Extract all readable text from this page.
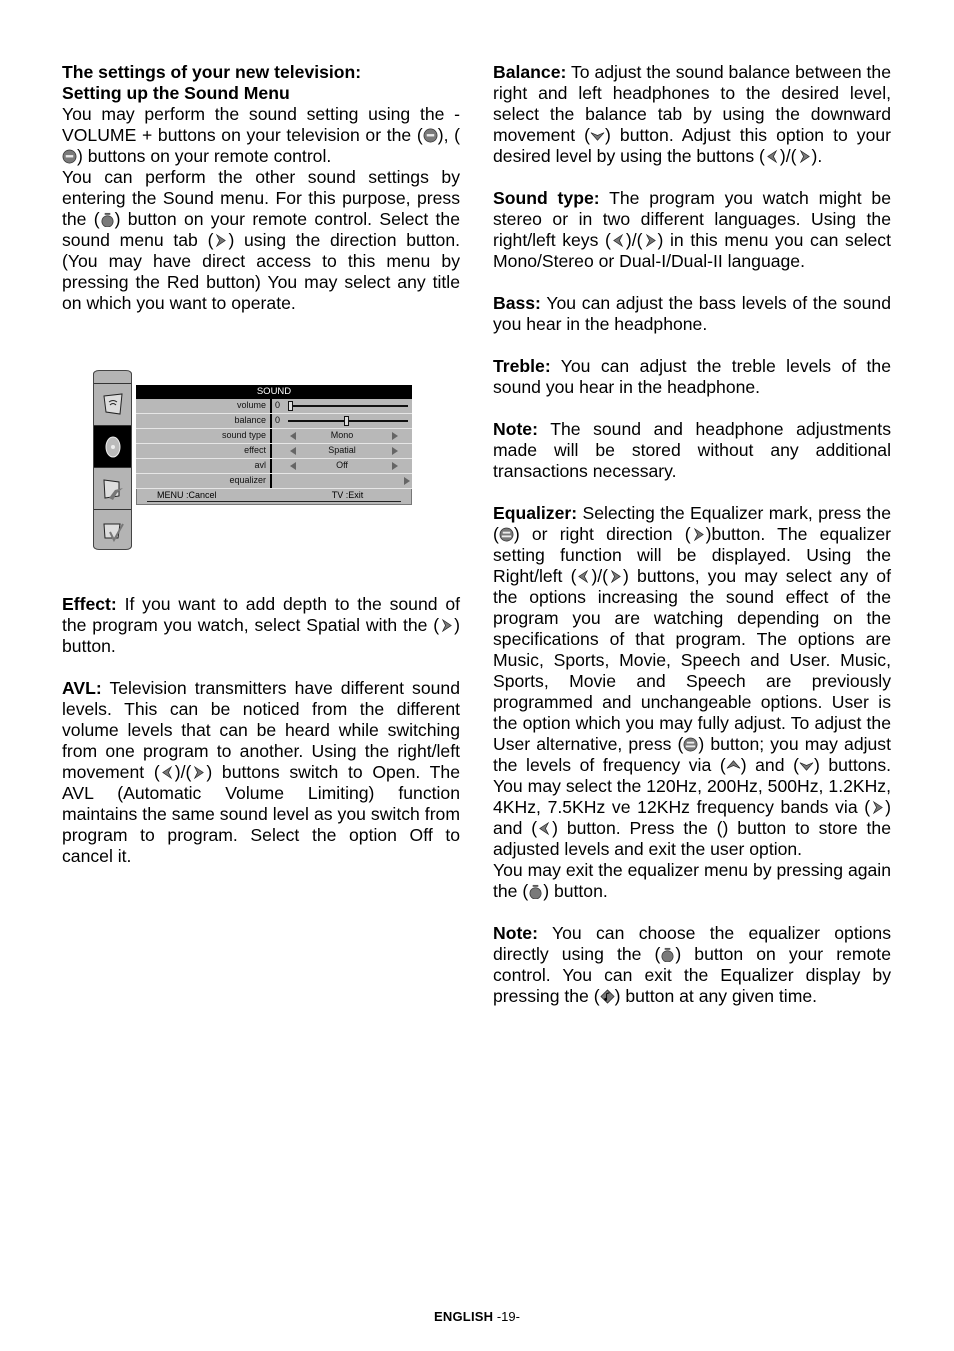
The settings of your new television:

Setting up the Sound Menu

You may perform the sound setting using the - VOLUME + buttons on your television or the ( ), (
) buttons on your remote control.

You can perform the other sound settings by entering the Sound menu. For this purpose, press the ( ) button on your remote control. Select the sound menu tab ( ) using the direction button. (You may have direct access to this menu by pressing the Red button) You may select any title on which you want to operate.

SOUND
volume	0
balance	0
sound type	Mono
effect	Spatial
avl	Off
equalizer
MENU :Cancel	TV :Exit

Effect: If you want to add depth to the sound of the program you watch, select Spatial with the ( ) button.

AVL: Television transmitters have different sound levels. This can be noticed from the different volume levels that can be heard while switching from one program to another. Using the right/left movement ( )/( ) buttons switch to Open. The AVL (Automatic Volume Limiting) function maintains the same sound level as you switch from program to program. Select the option Off to cancel it.

Balance: To adjust the sound balance between the right and left headphones to the desired level, select the balance tab by using the downward movement ( ) button. Adjust this option to your desired level by using the buttons ( )/( ).

Sound type: The program you watch might be stereo or in two different languages. Using the right/left keys ( )/( ) in this menu you can select Mono/Stereo or Dual-I/Dual-II language.

Bass: You can adjust the bass levels of the sound you hear in the headphone.

Treble: You can adjust the treble levels of the sound you hear in the headphone.

Note: The sound and headphone adjustments made will be stored without any additional transactions necessary.

Equalizer: Selecting the Equalizer mark, press the ( ) or right direction ( )button. The equalizer setting function will be displayed. Using the Right/left ( )/( ) buttons, you may select any of the options increasing the sound effect of the program you are watching depending on the specifications of that program. The options are Music, Sports, Movie, Speech and User. Music, Sports, Movie and Speech are previously programmed and unchangeable options. User is the option which you may fully adjust. To adjust the User alternative, press ( ) button; you may adjust the levels of frequency via ( ) and ( ) buttons. You may select the 120Hz, 200Hz, 500Hz, 1.2KHz, 4KHz, 7.5KHz ve 12KHz frequency bands via ( ) and ( ) button. Press the () button to store the adjusted levels and exit the user option.

You may exit the equalizer menu by pressing again the ( ) button.

Note: You can choose the equalizer options directly using the ( ) button on your remote control. You can exit the Equalizer display by pressing the ( ) button at any given time.

ENGLISH -19-
